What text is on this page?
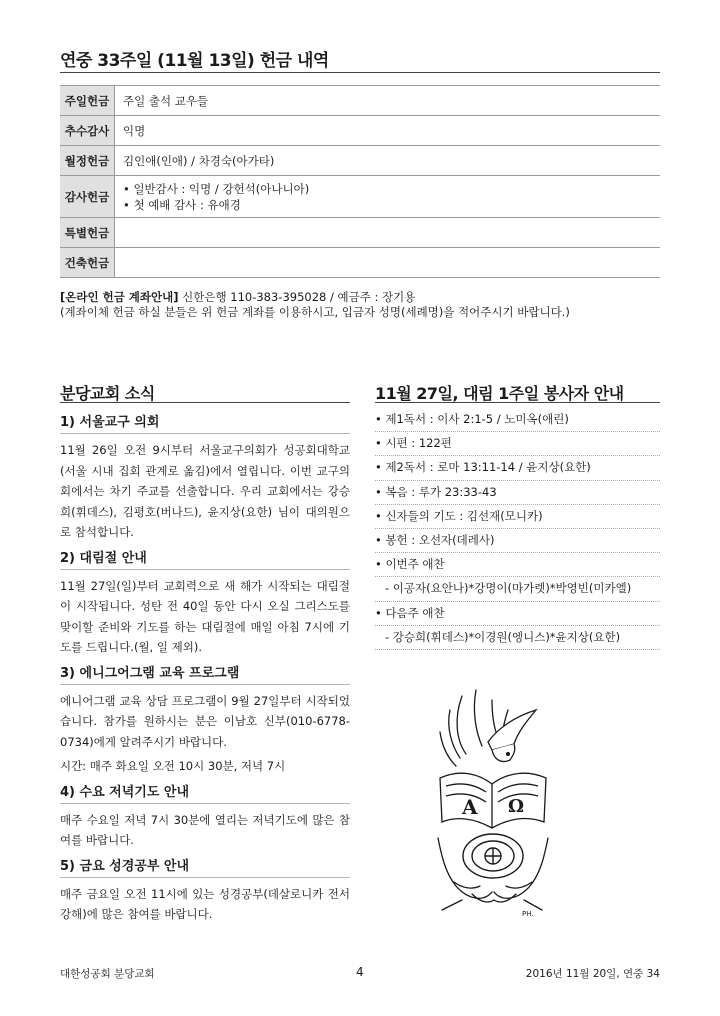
연중 33주일 (11월 13일) 헌금 내역
주일헌금	주일 출석 교우들
추수감사	익명
월정헌금	김인애(인애) / 차경숙(아가타)
감사헌금	• 일반감사 : 익명 / 강헌석(아나니아)
• 첫 예배 감사 : 유애경

특별헌금	
건축헌금	
[온라인 헌금 계좌안내] 신한은행 110-383-395028 / 예금주 : 장기용
(계좌이체 헌금 하실 분들은 위 헌금 계좌를 이용하시고, 입금자 성명(세례명)을 적어주시기 바랍니다.)
분당교회 소식
1) 서울교구 의회

11월 26일 오전 9시부터 서울교구의회가 성공회대학교(서울 시내 집회 관계로 옮김)에서 열립니다. 이번 교구의회에서는 차기 주교를 선출합니다. 우리 교회에서는 강승희(휘데스), 김평호(버나드), 윤지상(요한) 님이 대의원으로 참석합니다.

2) 대림절 안내

11월 27일(일)부터 교회력으로 새 해가 시작되는 대림절이 시작됩니다. 성탄 전 40일 동안 다시 오실 그리스도를 맞이할 준비와 기도를 하는 대림절에 매일 아침 7시에 기도를 드립니다.(월, 일 제외).

3) 에니그어그램 교육 프로그램

에니어그램 교육 상담 프로그램이 9월 27일부터 시작되었습니다. 참가를 원하시는 분은 이남호 신부(010-6778-0734)에게 알려주시기 바랍니다.

시간: 매주 화요일 오전 10시 30분, 저녁 7시

4) 수요 저녁기도 안내

매주 수요일 저녁 7시 30분에 열리는 저녁기도에 많은 참여를 바랍니다.

5) 금요 성경공부 안내

매주 금요일 오전 11시에 있는 성경공부(데살로니카 전서 강해)에 많은 참여를 바랍니다.

11월 27일, 대림 1주일 봉사자 안내
• 제1독서 : 이사 2:1-5 / 노미옥(애린)
• 시편 : 122편
• 제2독서 : 로마 13:11-14 / 윤지상(요한)
• 복음 : 루가 23:33-43
• 신자들의 기도 : 김선재(모니카)
• 봉헌 : 오선자(데레사)
• 이번주 애찬
- 이공자(요안나)*강명이(마가렛)*박영빈(미카엘)
• 다음주 애찬
- 강승희(휘데스)*이경원(엥니스)*윤지상(요한)
A Ω
PH.
대한성공회 분당교회	4	2016년 11월 20일, 연중 34
